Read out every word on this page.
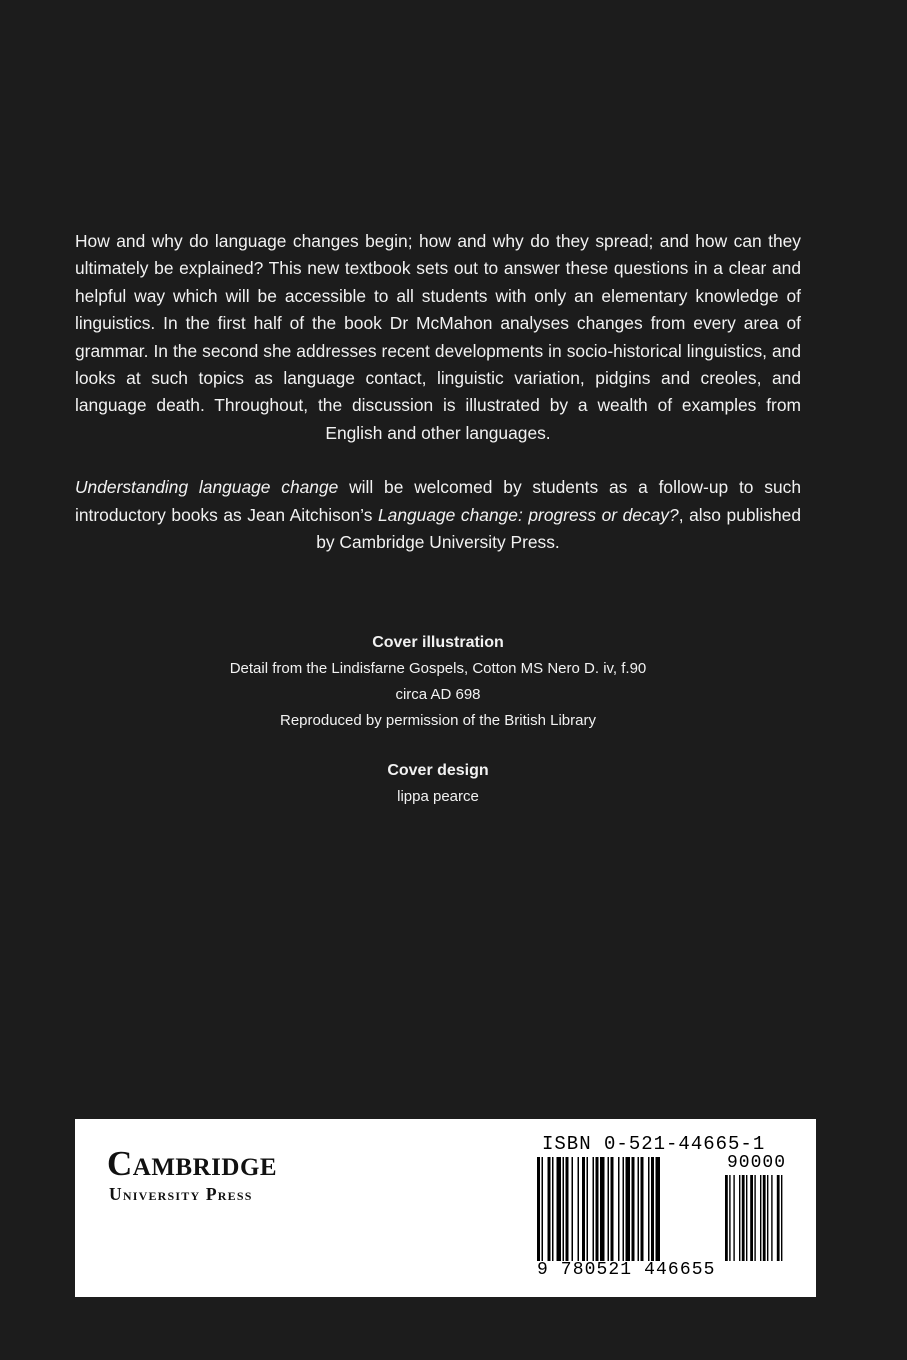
How and why do language changes begin; how and why do they spread; and how can they ultimately be explained? This new textbook sets out to answer these questions in a clear and helpful way which will be accessible to all students with only an elementary knowledge of linguistics. In the first half of the book Dr McMahon analyses changes from every area of grammar. In the second she addresses recent developments in socio-historical linguistics, and looks at such topics as language contact, linguistic variation, pidgins and creoles, and language death. Throughout, the discussion is illustrated by a wealth of examples from English and other languages.

Understanding language change will be welcomed by students as a follow-up to such introductory books as Jean Aitchison’s Language change: progress or decay?, also published by Cambridge University Press.

Cover illustration
Detail from the Lindisfarne Gospels, Cotton MS Nero D. iv, f.90
circa AD 698
Reproduced by permission of the British Library
Cover design
lippa pearce
Cambridge
University Press
ISBN 0-521-44665-1
90000
9 780521 446655
